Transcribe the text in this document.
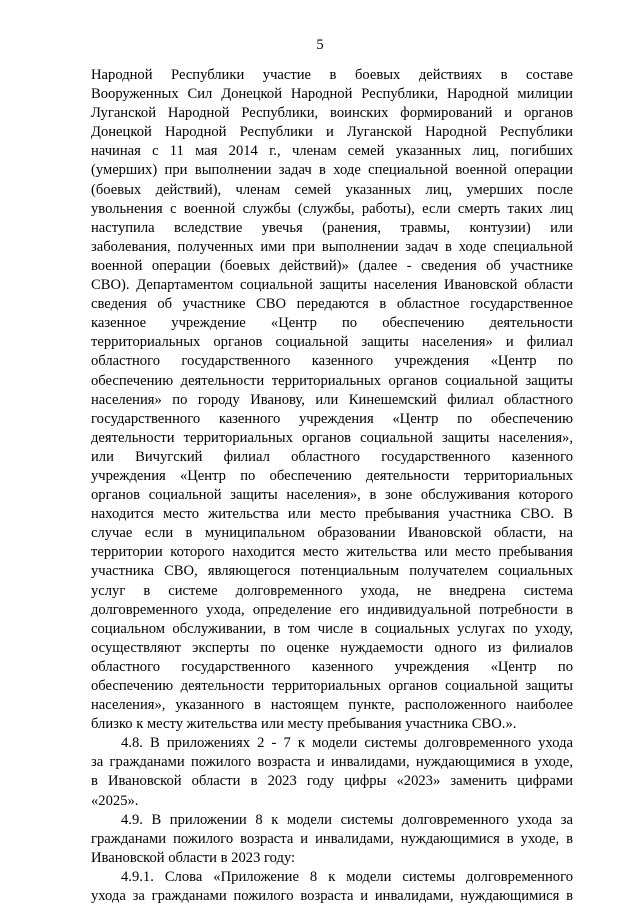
5
Народной Республики участие в боевых действиях в составе
Вооруженных Сил Донецкой Народной Республики, Народной милиции
Луганской Народной Республики, воинских формирований и органов
Донецкой Народной Республики и Луганской Народной Республики
начиная с 11 мая 2014 г., членам семей указанных лиц, погибших
(умерших) при выполнении задач в ходе специальной военной операции
(боевых действий), членам семей указанных лиц, умерших после
увольнения с военной службы (службы, работы), если смерть таких лиц
наступила вследствие увечья (ранения, травмы, контузии) или
заболевания, полученных ими при выполнении задач в ходе специальной
военной операции (боевых действий)» (далее - сведения об участнике
СВО). Департаментом социальной защиты населения Ивановской области
сведения об участнике СВО передаются в областное государственное
казенное учреждение «Центр по обеспечению деятельности
территориальных органов социальной защиты населения» и филиал
областного государственного казенного учреждения «Центр по
обеспечению деятельности территориальных органов социальной защиты
населения» по городу Иванову, или Кинешемский филиал областного
государственного казенного учреждения «Центр по обеспечению
деятельности территориальных органов социальной защиты населения»,
или Вичугский филиал областного государственного казенного
учреждения «Центр по обеспечению деятельности территориальных
органов социальной защиты населения», в зоне обслуживания которого
находится место жительства или место пребывания участника СВО. В
случае если в муниципальном образовании Ивановской области, на
территории которого находится место жительства или место пребывания
участника СВО, являющегося потенциальным получателем социальных
услуг в системе долговременного ухода, не внедрена система
долговременного ухода, определение его индивидуальной потребности в
социальном обслуживании, в том числе в социальных услугах по уходу,
осуществляют эксперты по оценке нуждаемости одного из филиалов
областного государственного казенного учреждения «Центр по
обеспечению деятельности территориальных органов социальной защиты
населения», указанного в настоящем пункте, расположенного наиболее
близко к месту жительства или месту пребывания участника СВО.».
4.8. В приложениях 2 - 7 к модели системы долговременного ухода
за гражданами пожилого возраста и инвалидами, нуждающимися в уходе,
в Ивановской области в 2023 году цифры «2023» заменить цифрами
«2025».
4.9. В приложении 8 к модели системы долговременного ухода за
гражданами пожилого возраста и инвалидами, нуждающимися в уходе, в
Ивановской области в 2023 году:
4.9.1. Слова «Приложение 8 к модели системы долговременного
ухода за гражданами пожилого возраста и инвалидами, нуждающимися в
